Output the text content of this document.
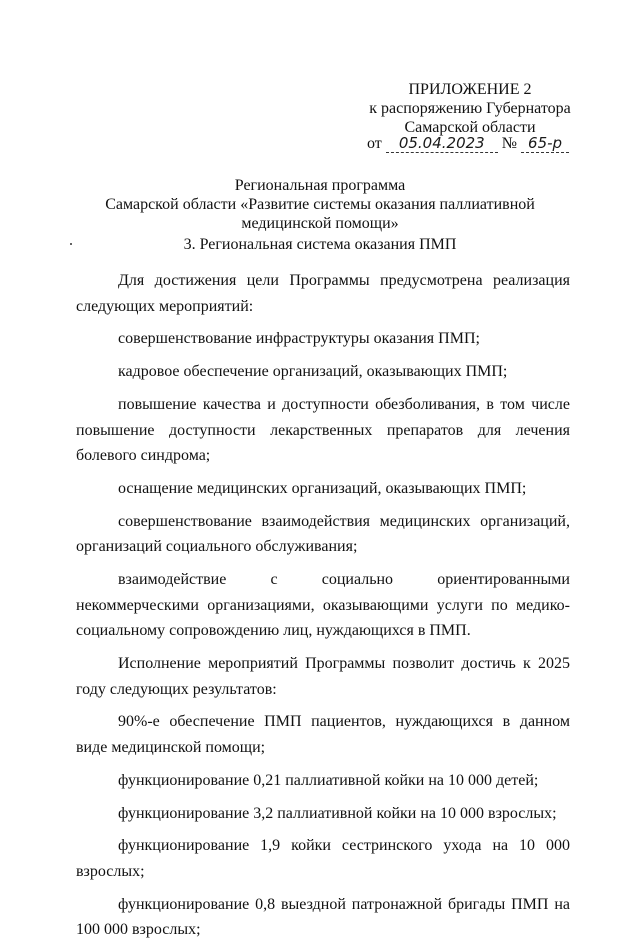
ПРИЛОЖЕНИЕ 2
к распоряжению Губернатора
Самарской области
от 05.04.2023 № 65-р
Региональная программа
Самарской области «Развитие системы оказания паллиативной
медицинской помощи»
3. Региональная система оказания ПМП

Для достижения цели Программы предусмотрена реализация следующих мероприятий:

совершенствование инфраструктуры оказания ПМП;

кадровое обеспечение организаций, оказывающих ПМП;

повышение качества и доступности обезболивания, в том числе повышение доступности лекарственных препаратов для лечения болевого синдрома;

оснащение медицинских организаций, оказывающих ПМП;

совершенствование взаимодействия медицинских организаций, организаций социального обслуживания;

взаимодействие с социально ориентированными некоммерческими организациями, оказывающими услуги по медико-социальному сопровождению лиц, нуждающихся в ПМП.

Исполнение мероприятий Программы позволит достичь к 2025 году следующих результатов:

90%-е обеспечение ПМП пациентов, нуждающихся в данном виде медицинской помощи;

функционирование 0,21 паллиативной койки на 10 000 детей;

функционирование 3,2 паллиативной койки на 10 000 взрослых;

функционирование 1,9 койки сестринского ухода на 10 000 взрослых;

функционирование 0,8 выездной патронажной бригады ПМП на 100 000 взрослых;
